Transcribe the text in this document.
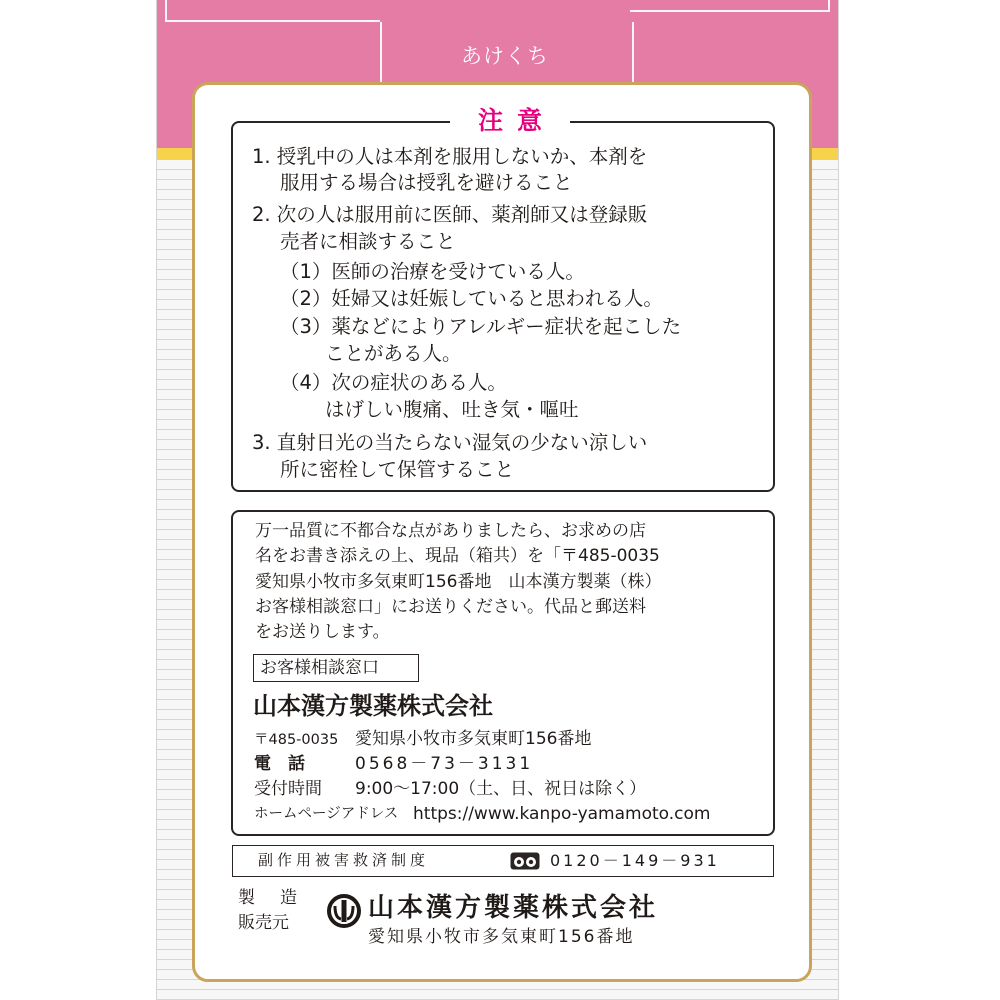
あけくち
注意
1. 授乳中の人は本剤を服用しないか、本剤を
服用する場合は授乳を避けること
2. 次の人は服用前に医師、薬剤師又は登録販
売者に相談すること
（1）医師の治療を受けている人。
（2）妊婦又は妊娠していると思われる人。
（3）薬などによりアレルギー症状を起こした
ことがある人。
（4）次の症状のある人。
はげしい腹痛、吐き気・嘔吐
3. 直射日光の当たらない湿気の少ない涼しい
所に密栓して保管すること
万一品質に不都合な点がありましたら、お求めの店
名をお書き添えの上、現品（箱共）を「〒485-0035
愛知県小牧市多気東町156番地　山本漢方製薬（株）
お客様相談窓口」にお送りください。代品と郵送料
をお送りします。
お客様相談窓口
山本漢方製薬株式会社
〒485-0035 愛知県小牧市多気東町156番地
電　話	0568－73－3131
受付時間 9:00～17:00（土、日、祝日は除く）
ホームページアドレス https://www.kanpo-yamamoto.com
副作用被害救済制度	0120－149－931
製　造
販売元	山本漢方製薬株式会社
愛知県小牧市多気東町156番地
